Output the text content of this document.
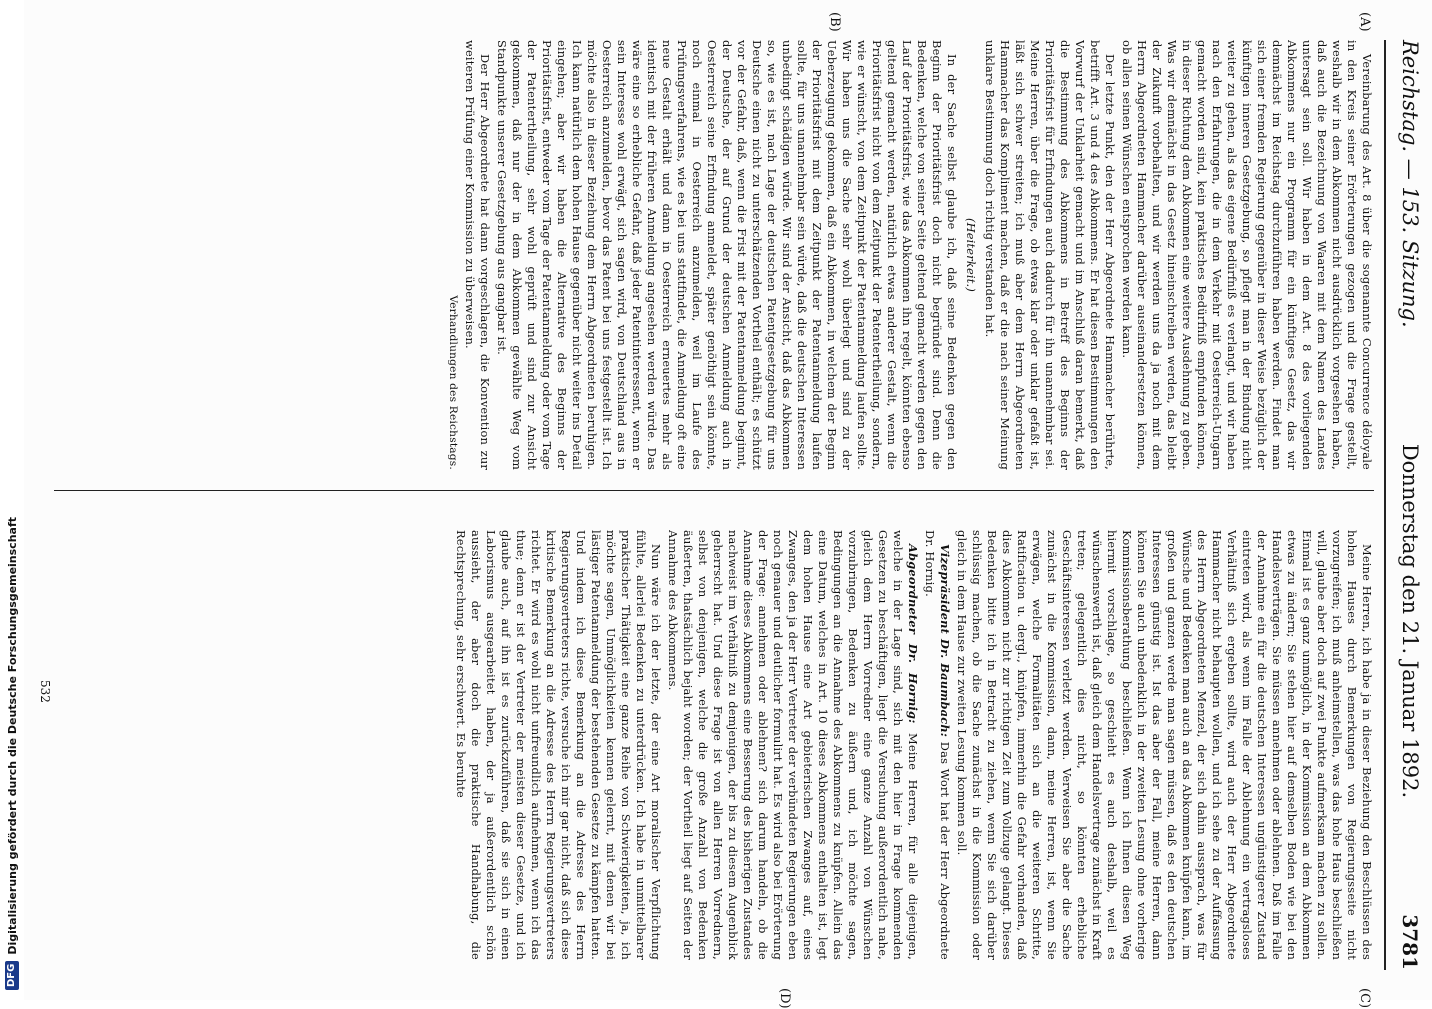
DFG
Digitalisierung gefördert durch die Deutsche Forschungsgemeinschaft
Reichstag. — 153. Sitzung.
Donnerstag den 21. Januar 1892.
3781
(A)
(B)
(C)
(D)

Vereinbarung des Art. 8 über die sogenannte Concurrence déloyale in den Kreis seiner Erörterungen gezogen und die Frage gestellt, weshalb wir in dem Abkommen nicht ausdrücklich vorgesehen haben, daß auch die Bezeichnung von Waaren mit dem Namen des Landes untersagt sein soll. Wir haben in dem Art. 8 des vorliegenden Abkommens nur ein Programm für ein künftiges Gesetz, das wir demnächst im Reichstag durchzuführen haben werden. Findet man sich einer fremden Regierung gegenüber in dieser Weise bezüglich der künftigen inneren Gesetzgebung, so pflegt man in der Bindung nicht weiter zu gehen, als das eigene Bedürfniß es verlangt, und wir haben nach den Erfahrungen, die in dem Verkehr mit Oesterreich-Ungarn gemacht worden sind, kein praktisches Bedürfniß empfunden können, in dieser Richtung dem Abkommen eine weitere Ausdehnung zu geben. Was wir demnächst in das Gesetz hineinschreiben werden, das bleibt der Zukunft vorbehalten, und wir werden uns da ja noch mit dem Herrn Abgeordneten Hammacher darüber auseinandersetzen können, ob allen seinen Wünschen entsprochen werden kann.

Der letzte Punkt, den der Herr Abgeordnete Hammacher berührte, betrifft Art. 3 und 4 des Abkommens. Er hat diesen Bestimmungen den Vorwurf der Unklarheit gemacht und im Anschluß daran bemerkt, daß die Bestimmung des Abkommens in Betreff des Beginns der Prioritätsfrist für Erfindungen auch dadurch für ihn unannehmbar sei. Meine Herren, über die Frage, ob etwas klar oder unklar gefaßt ist, läßt sich schwer streiten; ich muß aber dem Herrn Abgeordneten Hammacher das Kompliment machen, daß er die nach seiner Meinung unklare Bestimmung doch richtig verstanden hat.

(Heiterkeit.)

In der Sache selbst glaube ich, daß seine Bedenken gegen den Beginn der Prioritätsfrist doch nicht begründet sind. Denn die Bedenken, welche von seiner Seite geltend gemacht werden gegen den Lauf der Prioritätsfrist, wie das Abkommen ihn regelt, könnten ebenso geltend gemacht werden, natürlich etwas anderer Gestalt, wenn die Prioritätsfrist nicht von dem Zeitpunkt der Patentertheilung, sondern, wie er wünscht, von dem Zeitpunkt der Patentanmeldung laufen sollte. Wir haben uns die Sache sehr wohl überlegt und sind zu der Ueberzeugung gekommen, daß ein Abkommen, in welchem der Beginn der Prioritätsfrist mit dem Zeitpunkt der Patentanmeldung laufen sollte, für uns unannehmbar sein würde, daß die deutschen Interessen unbedingt schädigen würde. Wir sind der Ansicht, daß das Abkommen so, wie es ist, nach Lage der deutschen Patentgesetzgebung für uns Deutsche einen nicht zu unterschätzenden Vortheil enthält; es schützt vor der Gefahr, daß, wenn die Frist mit der Patentanmeldung beginnt, der Deutsche, der auf Grund der deutschen Anmeldung auch in Oesterreich seine Erfindung anmeldet, später genöthigt sein könnte, noch einmal in Oesterreich anzumelden, weil im Laufe des Prüfungsverfahrens, wie es bei uns stattfindet, die Anmeldung oft eine neue Gestalt erhält und dann in Oesterreich erneuertes mehr als identisch mit der früheren Anmeldung angesehen werden würde. Das wäre eine so erhebliche Gefahr, daß jeder Patentinteressent, wenn er sein Interesse wohl erwägt, sich sagen wird, von Deutschland aus in Oesterreich anzumelden, bevor das Patent bei uns festgestellt ist. Ich möchte also in dieser Beziehung dem Herrn Abgeordneten beruhigen. Ich kann natürlich dem hohen Hause gegenüber nicht weiter ins Detail eingehen; aber wir haben die Alternative des Beginns der Prioritätsfrist, entweder vom Tage der Patentanmeldung oder vom Tage der Patentertheilung, sehr wohl geprüft und sind zur Ansicht gekommen, daß nur der in dem Abkommen gewählte Weg vom Standpunkte unserer Gesetzgebung aus gangbar ist.

Der Herr Abgeordnete hat dann vorgeschlagen, die Konvention zur weiteren Prüfung einer Kommission zu überweisen.

Verhandlungen des Reichstags.

Meine Herren, ich habe ja in dieser Beziehung den Beschlüssen des hohen Hauses durch Bemerkungen von Regierungsseite nicht vorzugreifen; ich muß anheimstellen, was das hohe Haus beschließen will, glaube aber doch auf zwei Punkte aufmerksam machen zu sollen. Einmal ist es ganz unmöglich, in der Kommission an dem Abkommen etwas zu ändern; Sie stehen hier auf demselben Boden wie bei den Handelsverträgen. Sie müssen annehmen oder ablehnen. Daß im Falle der Annahme ein für die deutschen Interessen ungünstigerer Zustand eintreten wird, als wenn im Falle der Ablehnung ein vertragsloses Verhältniß sich ergeben sollte, wird auch der Herr Abgeordnete Hammacher nicht behaupten wollen, und ich sehe zu der Auffassung des Herrn Abgeordneten Menzel, der sich dahin aussprach, was für Wünsche und Bedenken man auch an das Abkommen knüpfen kann, im großen und ganzen werde man sagen müssen, daß es den deutschen Interessen günstig ist. Ist das aber der Fall, meine Herren, dann können Sie auch unbedenklich in der zweiten Lesung ohne vorherige Kommissionsberathung beschließen. Wenn ich Ihnen diesen Weg hiermit vorschlage, so geschieht es auch deshalb, weil es wünschenswerth ist, daß gleich dem Handelsvertrage zunächst in Kraft treten; gelegentlich dies nicht, so könnten erhebliche Geschäftsinteressen verletzt werden. Verweisen Sie aber die Sache zunächst in die Kommission, dann, meine Herren, ist, wenn Sie erwägen, welche Formalitäten sich an die weiteren Schritte, Ratification u. dergl., knüpfen, immerhin die Gefahr vorhanden, daß dies Abkommen nicht zur richtigen Zeit zum Vollzuge gelangt. Dieses Bedenken bitte ich in Betracht zu ziehen, wenn Sie sich darüber schlüssig machen, ob die Sache zunächst in die Kommission oder gleich in dem Hause zur zweiten Lesung kommen soll.

Vizepräsident Dr. Baumbach: Das Wort hat der Herr Abgeordnete Dr. Hornig.

Abgeordneter Dr. Hornig: Meine Herren, für alle diejenigen, welche in der Lage sind, sich mit den hier in Frage kommenden Gesetzen zu beschäftigen, liegt die Versuchung außerordentlich nahe, gleich dem Herrn Vorredner eine ganze Anzahl von Wünschen vorzubringen, Bedenken zu äußern und, ich möchte sagen, Bedingungen an die Annahme des Abkommens zu knüpfen. Allein das eine Datum, welches in Art. 10 dieses Abkommens enthalten ist, legt dem hohen Hause eine Art gebieterischen Zwanges auf, eines Zwanges, den ja der Herr Vertreter der verbündeten Regierungen eben noch genauer und deutlicher formulirt hat. Es wird also bei Erörterung der Frage: annehmen oder ablehnen? sich darum handeln, ob die Annahme dieses Abkommens eine Besserung des bisherigen Zustandes nachweist im Verhältniß zu demjenigen, der bis zu diesem Augenblick geherrscht hat. Und diese Frage ist von allen Herren Vorrednern, selbst von denjenigen, welche die große Anzahl von Bedenken äußerten, thatsächlich bejaht worden; der Vortheil liegt auf Seiten der Annahme des Abkommens.

Nun wäre ich der letzte, der eine Art moralischer Verpflichtung fühlte, allerlei Bedenken zu unterdrücken. Ich habe in unmittelbarer praktischer Thätigkeit eine ganze Reihe von Schwierigkeiten, ja, ich möchte sagen, Unmöglichkeiten kennen gelernt, mit denen wir bei lästiger Patentanmeldung der bestehenden Gesetze zu kämpfen hatten. Und indem ich diese Bemerkung an die Adresse des Herrn Regierungsvertreters richte, versuche ich mir gar nicht, daß sich diese kritische Bemerkung an die Adresse des Herrn Regierungsvertreters richtet. Er wird es wohl nicht unfreundlich aufnehmen, wenn ich das thue; denn er ist der Vertreter der meisten dieser Gesetze, und ich glaube auch, auf ihn ist es zurückzuführen, daß sie sich in einen Laborismus ausgearbeitet haben, der ja außerordentlich schön aussieht, der aber doch die praktische Handhabung, die Rechtsprechung, sehr erschwert. Es beruhte

532
